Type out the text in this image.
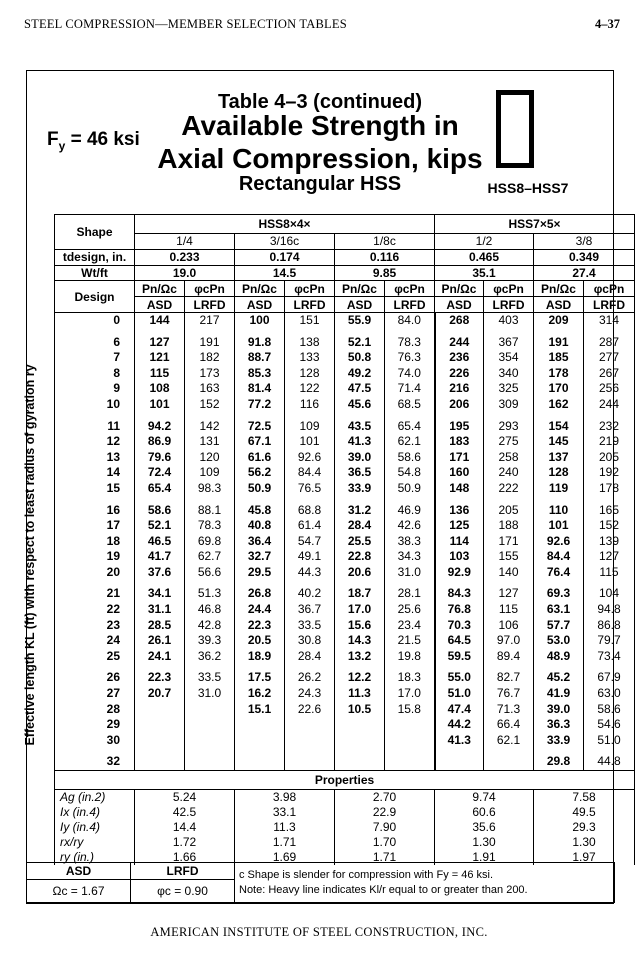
STEEL COMPRESSION—MEMBER SELECTION TABLES	4–37
$F_y = 46$ ksi
Table 4–3 (continued)
Available Strength in
Axial Compression, kips
Rectangular HSS	HSS8–HSS7
Effective length KL (ft) with respect to least radius of gyration ry
Shape	HSS8×4×						HSS7×5×			
	1/4		3/16c		1/8c		1/2		3/8	
tdesign, in.	0.233		0.174		0.116		0.465		0.349	
Wt/ft	19.0		14.5		9.85		35.1		27.4	
Design	Pn/Ωc	φcPn	Pn/Ωc	φcPn	Pn/Ωc	φcPn	Pn/Ωc	φcPn	Pn/Ωc	φcPn
	ASD	LRFD	ASD	LRFD	ASD	LRFD	ASD	LRFD	ASD	LRFD
0	144	217	100	151	55.9	84.0	268	403	209	314

6	127	191	91.8	138	52.1	78.3	244	367	191	287
7	121	182	88.7	133	50.8	76.3	236	354	185	277
8	115	173	85.3	128	49.2	74.0	226	340	178	267
9	108	163	81.4	122	47.5	71.4	216	325	170	256
10	101	152	77.2	116	45.6	68.5	206	309	162	244

11	94.2	142	72.5	109	43.5	65.4	195	293	154	232
12	86.9	131	67.1	101	41.3	62.1	183	275	145	219
13	79.6	120	61.6	92.6	39.0	58.6	171	258	137	205
14	72.4	109	56.2	84.4	36.5	54.8	160	240	128	192
15	65.4	98.3	50.9	76.5	33.9	50.9	148	222	119	178

16	58.6	88.1	45.8	68.8	31.2	46.9	136	205	110	165
17	52.1	78.3	40.8	61.4	28.4	42.6	125	188	101	152
18	46.5	69.8	36.4	54.7	25.5	38.3	114	171	92.6	139
19	41.7	62.7	32.7	49.1	22.8	34.3	103	155	84.4	127
20	37.6	56.6	29.5	44.3	20.6	31.0	92.9	140	76.4	115

21	34.1	51.3	26.8	40.2	18.7	28.1	84.3	127	69.3	104
22	31.1	46.8	24.4	36.7	17.0	25.6	76.8	115	63.1	94.8
23	28.5	42.8	22.3	33.5	15.6	23.4	70.3	106	57.7	86.8
24	26.1	39.3	20.5	30.8	14.3	21.5	64.5	97.0	53.0	79.7
25	24.1	36.2	18.9	28.4	13.2	19.8	59.5	89.4	48.9	73.4

26	22.3	33.5	17.5	26.2	12.2	18.3	55.0	82.7	45.2	67.9
27	20.7	31.0	16.2	24.3	11.3	17.0	51.0	76.7	41.9	63.0
28			15.1	22.6	10.5	15.8	47.4	71.3	39.0	58.6
29							44.2	66.4	36.3	54.6
30							41.3	62.1	33.9	51.0

32									29.8	44.8
Properties										
Ag (in.2)	5.24		3.98		2.70		9.74		7.58	
Ix (in.4)	42.5		33.1		22.9		60.6		49.5	
Iy (in.4)	14.4		11.3		7.90		35.6		29.3	
rx/ry	1.72		1.71		1.70		1.30		1.30	
ry (in.)	1.66		1.69		1.71		1.91		1.97	
ASD	LRFD	c Shape is slender for compression with Fy = 46 ksi.
Note: Heavy line indicates Kl/r equal to or greater than 200.

Ωc = 1.67	φc = 0.90	
AMERICAN INSTITUTE OF STEEL CONSTRUCTION, INC.
